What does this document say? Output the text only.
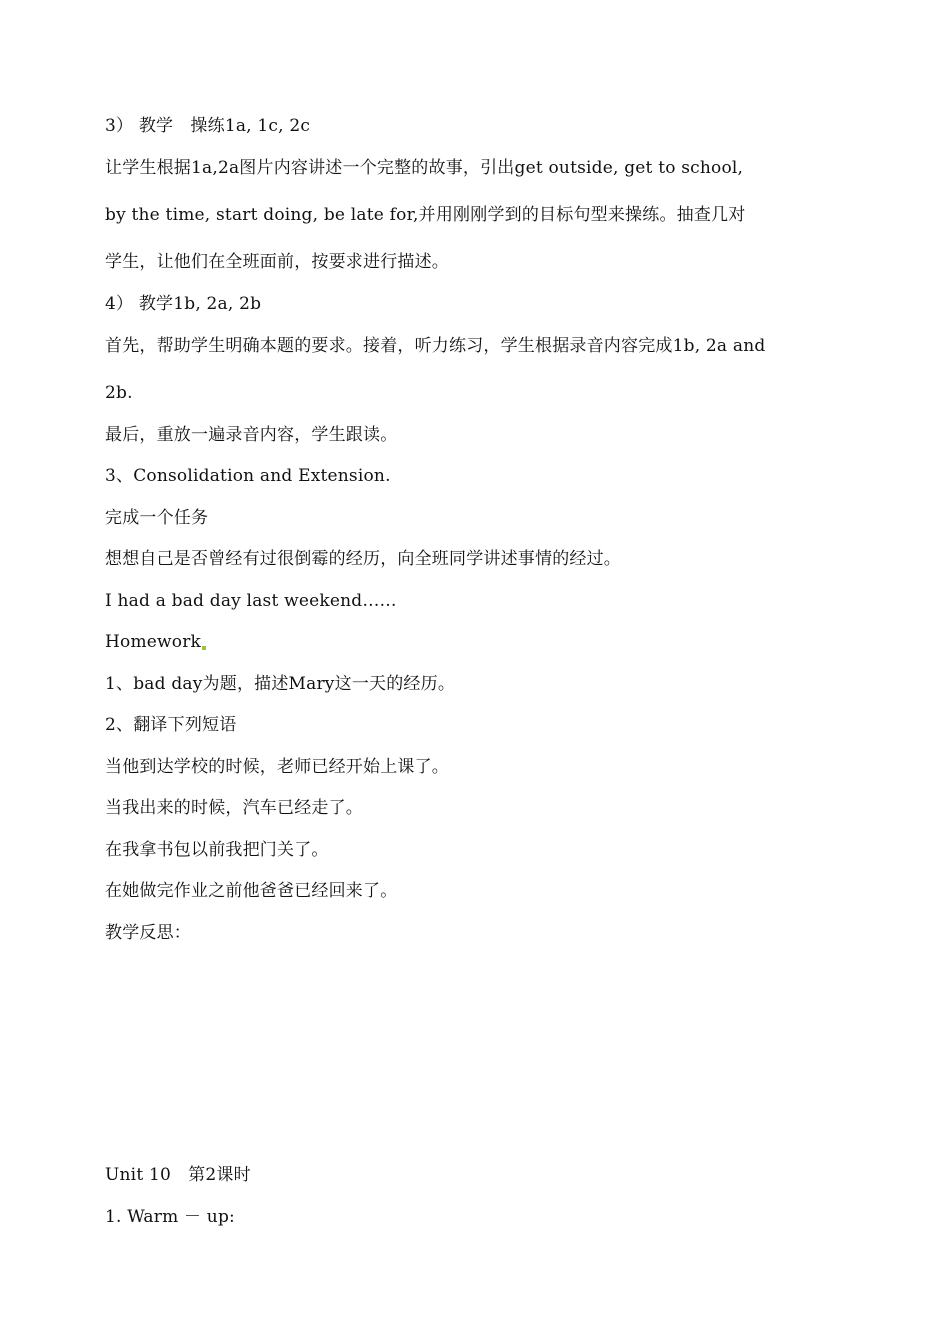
3） 教学　操练1a, 1c, 2c
让学生根据1a,2a图片内容讲述一个完整的故事，引出get outside, get to school,
by the time, start doing, be late for,并用刚刚学到的目标句型来操练。抽查几对
学生，让他们在全班面前，按要求进行描述。
4） 教学1b, 2a, 2b
首先，帮助学生明确本题的要求。接着，听力练习，学生根据录音内容完成1b, 2a and
2b.
最后，重放一遍录音内容，学生跟读。
3、Consolidation and Extension.
完成一个任务
想想自己是否曾经有过很倒霉的经历，向全班同学讲述事情的经过。
I had a bad day last weekend……
Homework
1、bad day为题，描述Mary这一天的经历。
2、翻译下列短语
当他到达学校的时候，老师已经开始上课了。
当我出来的时候，汽车已经走了。
在我拿书包以前我把门关了。
在她做完作业之前他爸爸已经回来了。
教学反思：
Unit 10　第2课时
1. Warm － up:
